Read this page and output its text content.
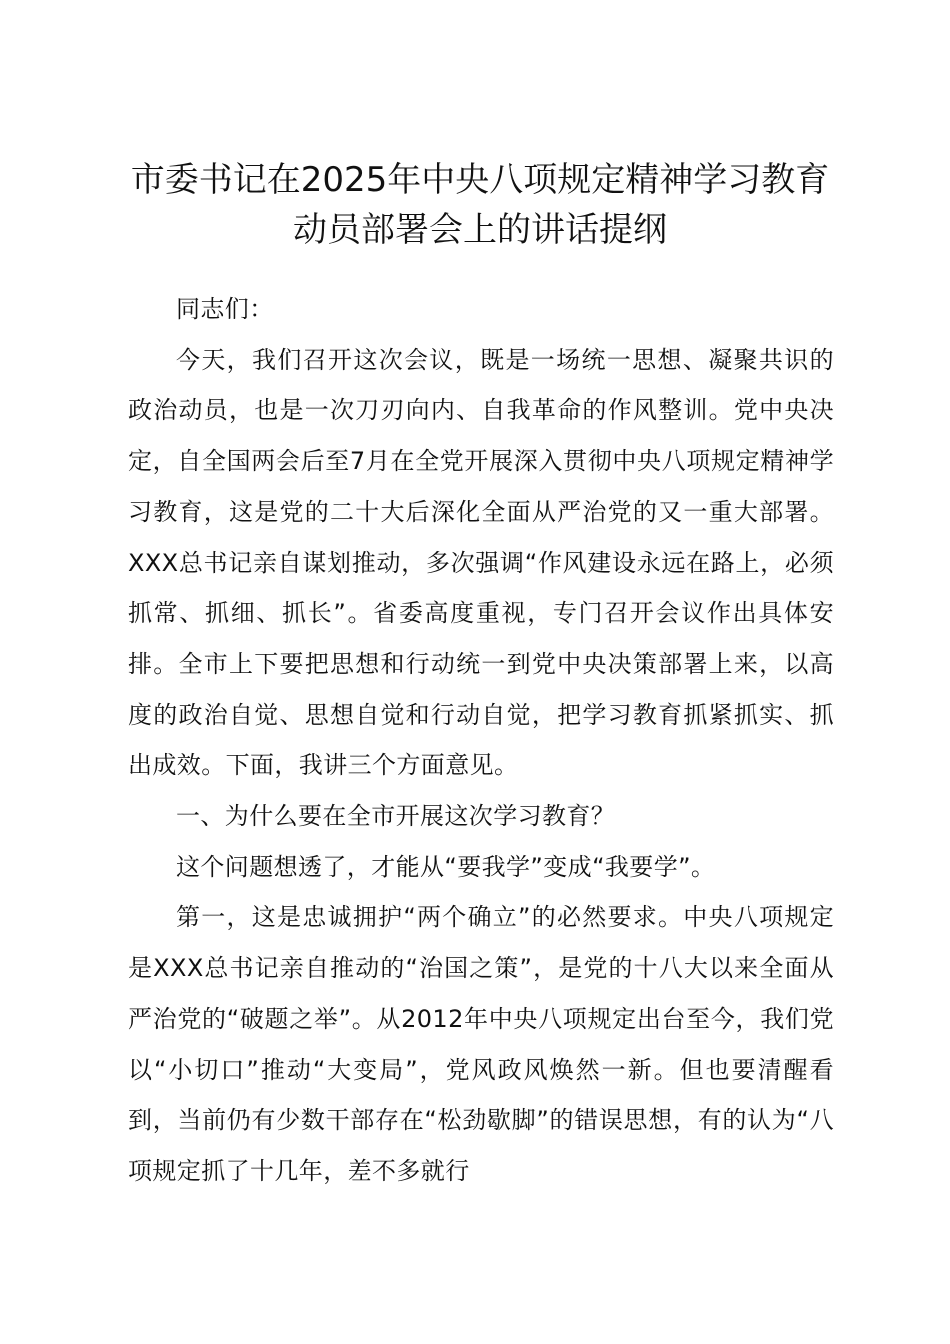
市委书记在2025年中央八项规定精神学习教育动员部署会上的讲话提纲

同志们：

今天，我们召开这次会议，既是一场统一思想、凝聚共识的政治动员，也是一次刀刃向内、自我革命的作风整训。党中央决定，自全国两会后至7月在全党开展深入贯彻中央八项规定精神学习教育，这是党的二十大后深化全面从严治党的又一重大部署。XXX总书记亲自谋划推动，多次强调“作风建设永远在路上，必须抓常、抓细、抓长”。省委高度重视，专门召开会议作出具体安排。全市上下要把思想和行动统一到党中央决策部署上来，以高度的政治自觉、思想自觉和行动自觉，把学习教育抓紧抓实、抓出成效。下面，我讲三个方面意见。

一、为什么要在全市开展这次学习教育？

这个问题想透了，才能从“要我学”变成“我要学”。

第一，这是忠诚拥护“两个确立”的必然要求。中央八项规定是XXX总书记亲自推动的“治国之策”，是党的十八大以来全面从严治党的“破题之举”。从2012年中央八项规定出台至今，我们党以“小切口”推动“大变局”，党风政风焕然一新。但也要清醒看到，当前仍有少数干部存在“松劲歇脚”的错误思想，有的认为“八项规定抓了十几年，差不多就行
